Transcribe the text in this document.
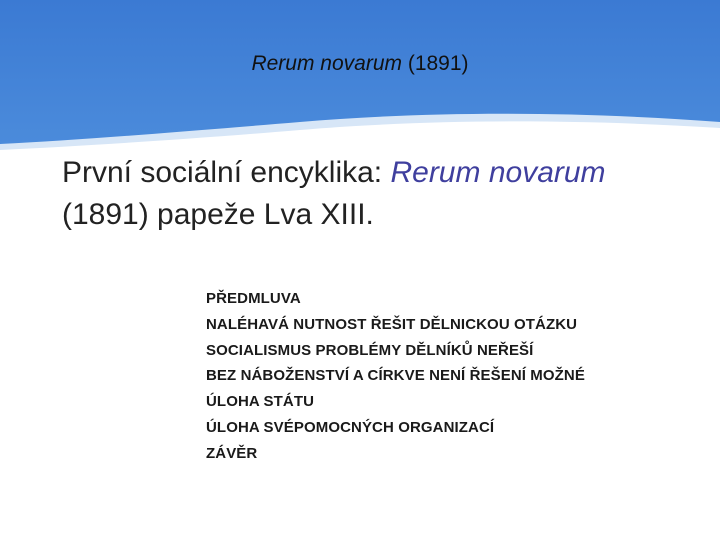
Rerum novarum (1891)
První sociální encyklika: Rerum novarum
(1891) papeže Lva XIII.
PŘEDMLUVA
NALÉHAVÁ NUTNOST ŘEŠIT DĚLNICKOU OTÁZKU
SOCIALISMUS PROBLÉMY DĚLNÍKŮ NEŘEŠÍ
BEZ NÁBOŽENSTVÍ A CÍRKVE NENÍ ŘEŠENÍ MOŽNÉ
ÚLOHA STÁTU
ÚLOHA SVÉPOMOCNÝCH ORGANIZACÍ
ZÁVĚR
